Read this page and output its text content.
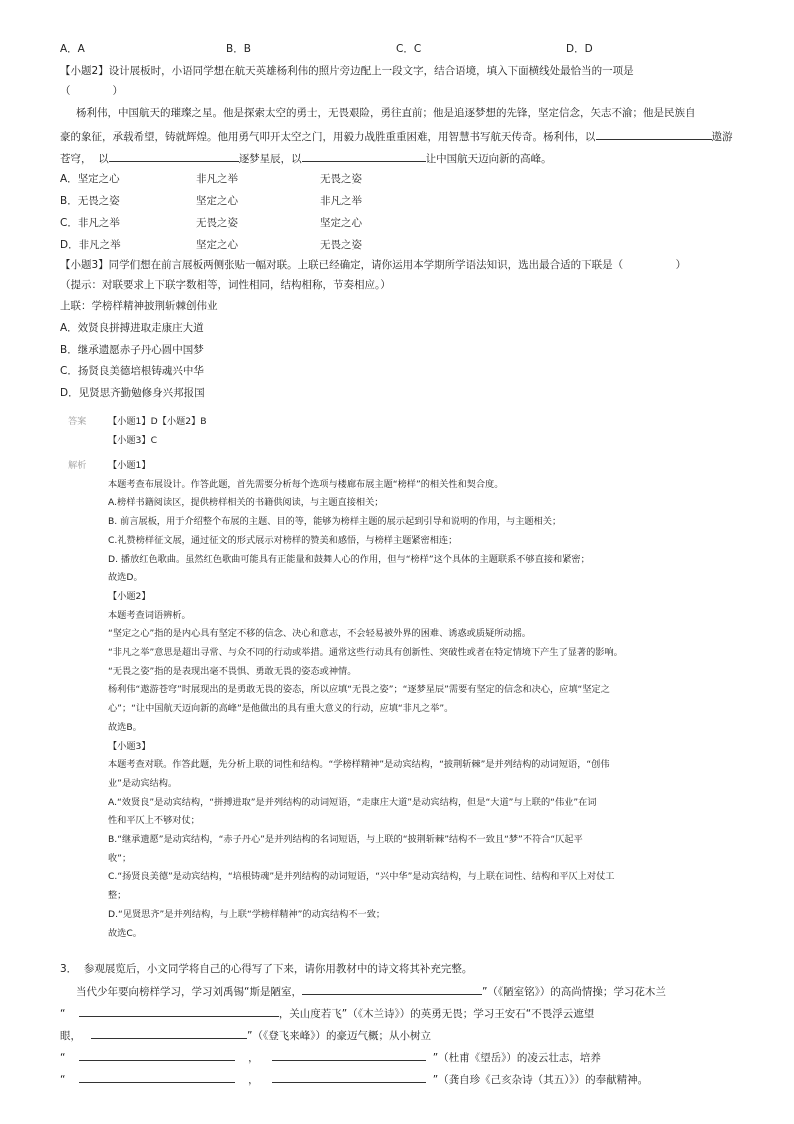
A．A	B．B	C．C	D．D
【小题2】设计展板时，小语同学想在航天英雄杨利伟的照片旁边配上一段文字，结合语境，填入下面横线处最恰当的一项是
（　　　　）
杨利伟，中国航天的璀璨之星。他是探索太空的勇士，无畏艰险，勇往直前；他是追逐梦想的先锋，坚定信念，矢志不渝；他是民族自
豪的象征，承载希望，铸就辉煌。他用勇气叩开太空之门，用毅力战胜重重困难，用智慧书写航天传奇。杨利伟，以	遨游
苍穹， 以	逐梦星辰，以	让中国航天迈向新的高峰。
A．坚定之心	非凡之举	无畏之姿
B．无畏之姿	坚定之心	非凡之举
C．非凡之举	无畏之姿	坚定之心
D．非凡之举	坚定之心	无畏之姿
【小题3】同学们想在前言展板两侧张贴一幅对联。上联已经确定，请你运用本学期所学语法知识，选出最合适的下联是（　　　　　）
（提示：对联要求上下联字数相等，词性相同，结构相称，节奏相应。）
上联：学榜样精神披荆斩棘创伟业
A．效贤良拼搏进取走康庄大道
B．继承遗愿赤子丹心圆中国梦
C．扬贤良美德培根铸魂兴中华
D．见贤思齐勤勉修身兴邦报国
答案 【小题1】D【小题2】B
【小题3】C
解析 【小题1】
本题考查布展设计。作答此题，首先需要分析每个选项与楼廊布展主题“榜样”的相关性和契合度。
A.榜样书籍阅读区，提供榜样相关的书籍供阅读，与主题直接相关；
B. 前言展板，用于介绍整个布展的主题、目的等，能够为榜样主题的展示起到引导和说明的作用，与主题相关；
C.礼赞榜样征文展，通过征文的形式展示对榜样的赞美和感悟，与榜样主题紧密相连；
D. 播放红色歌曲。虽然红色歌曲可能具有正能量和鼓舞人心的作用，但与“榜样”这个具体的主题联系不够直接和紧密；
故选D。
【小题2】
本题考查词语辨析。
“坚定之心”指的是内心具有坚定不移的信念、决心和意志，不会轻易被外界的困难、诱惑或质疑所动摇。
“非凡之举”意思是超出寻常、与众不同的行动或举措。通常这些行动具有创新性、突破性或者在特定情境下产生了显著的影响。
“无畏之姿”指的是表现出毫不畏惧、勇敢无畏的姿态或神情。
杨利伟“遨游苍穹”时展现出的是勇敢无畏的姿态，所以应填“无畏之姿”；“逐梦星辰”需要有坚定的信念和决心，应填“坚定之
心”；“让中国航天迈向新的高峰”是他做出的具有重大意义的行动，应填“非凡之举”。
故选B。
【小题3】
本题考查对联。作答此题，先分析上联的词性和结构。“学榜样精神”是动宾结构，“披荆斩棘”是并列结构的动词短语，“创伟
业”是动宾结构。
A.“效贤良”是动宾结构，“拼搏进取”是并列结构的动词短语，“走康庄大道”是动宾结构，但是“大道”与上联的“伟业”在词
性和平仄上不够对仗；
B.“继承遗愿”是动宾结构，“赤子丹心”是并列结构的名词短语，与上联的“披荆斩棘”结构不一致且“梦”不符合“仄起平
收”；
C.“扬贤良美德”是动宾结构，“培根铸魂”是并列结构的动词短语，“兴中华”是动宾结构，与上联在词性、结构和平仄上对仗工
整；
D.“见贤思齐”是并列结构，与上联“学榜样精神”的动宾结构不一致；
故选C。
3． 参观展览后，小文同学将自己的心得写了下来，请你用教材中的诗文将其补充完整。
当代少年要向榜样学习，学习刘禹锡“斯是陋室，	”（《陋室铭》）的高尚情操；学习花木兰
“	，关山度若飞”（《木兰诗》）的英勇无畏；学习王安石“不畏浮云遮望
眼，	”（《登飞来峰》）的豪迈气概；从小树立
“	，	”（杜甫《望岳》）的凌云壮志，培养
“	，	”（龚自珍《己亥杂诗（其五）》）的奉献精神。
